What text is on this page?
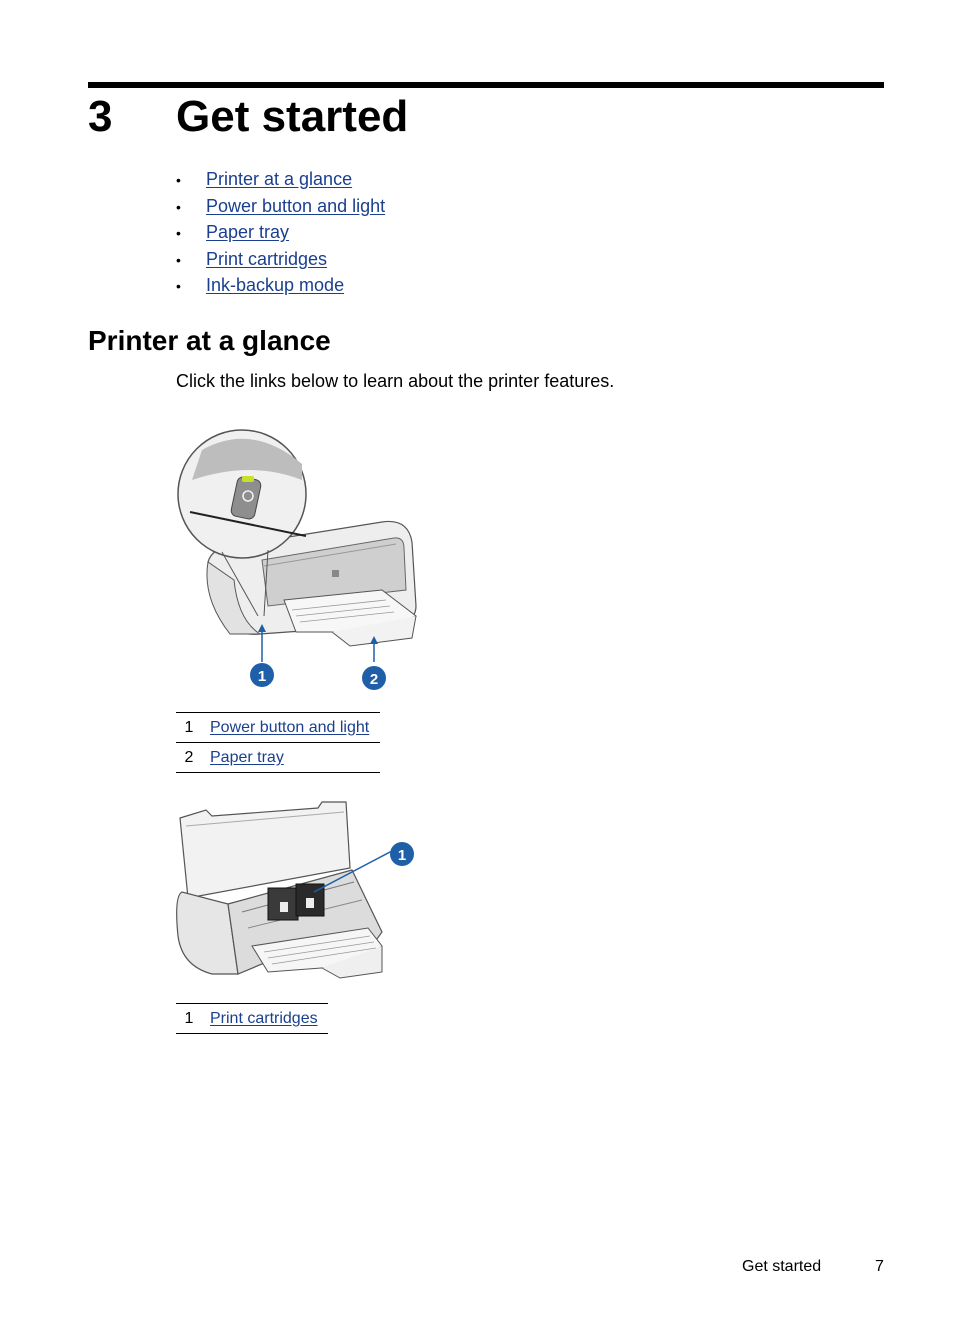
3 Get started
• Printer at a glance
• Power button and light
• Paper tray
• Print cartridges
• Ink-backup mode
Printer at a glance

Click the links below to learn about the printer features.

1	2
1	Power button and light
2	Paper tray
1
1	Print cartridges
Get started	7
